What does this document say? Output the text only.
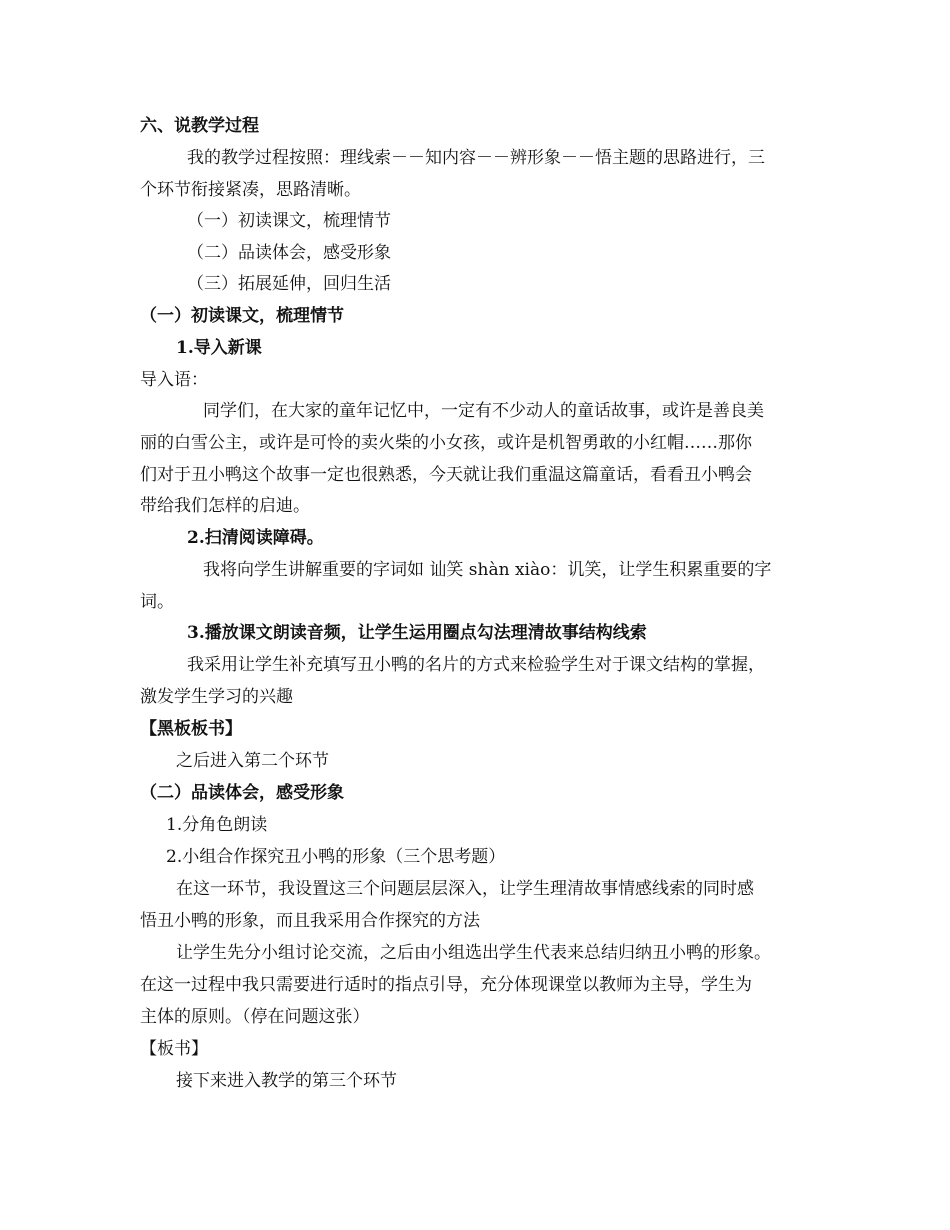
六、说教学过程
我的教学过程按照：理线索－－知内容－－辨形象－－悟主题的思路进行，三
个环节衔接紧凑，思路清晰。
（一）初读课文，梳理情节
（二）品读体会，感受形象
（三）拓展延伸，回归生活
（一）初读课文，梳理情节
1.导入新课
导入语：
同学们，在大家的童年记忆中，一定有不少动人的童话故事，或许是善良美
丽的白雪公主，或许是可怜的卖火柴的小女孩，或许是机智勇敢的小红帽……那你
们对于丑小鸭这个故事一定也很熟悉，今天就让我们重温这篇童话，看看丑小鸭会
带给我们怎样的启迪。
2.扫清阅读障碍。
我将向学生讲解重要的字词如 讪笑 shàn xiào：讥笑，让学生积累重要的字
词。
3.播放课文朗读音频，让学生运用圈点勾法理清故事结构线索
我采用让学生补充填写丑小鸭的名片的方式来检验学生对于课文结构的掌握，
激发学生学习的兴趣
【黑板板书】
之后进入第二个环节
（二）品读体会，感受形象
1.分角色朗读
2.小组合作探究丑小鸭的形象（三个思考题）
在这一环节，我设置这三个问题层层深入，让学生理清故事情感线索的同时感
悟丑小鸭的形象，而且我采用合作探究的方法
让学生先分小组讨论交流，之后由小组选出学生代表来总结归纳丑小鸭的形象。
在这一过程中我只需要进行适时的指点引导，充分体现课堂以教师为主导，学生为
主体的原则。（停在问题这张）
【板书】
接下来进入教学的第三个环节
